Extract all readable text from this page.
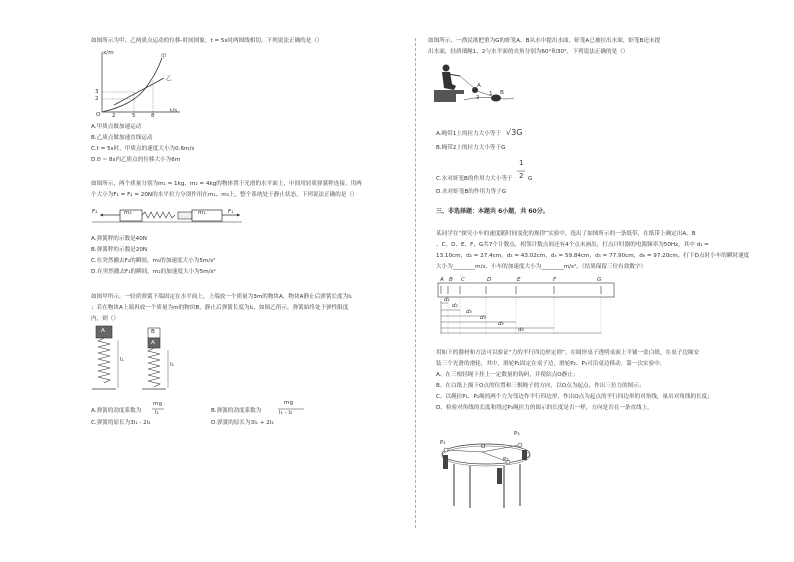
如图所示为甲、乙两质点运动的位移-时间图象，t = 5s时两图线相切，下列说法正确的是（）
x/m
t/s
甲
乙
3
2
O 2	5	8
A.甲质点做加速运动
B.乙质点做加速直线运动
C.t = 5s时，甲质点的速度大小为0.6m/s
D.0 ~ 8s内乙质点的位移大小为6m
如图所示，两个质量分别为m₁ = 1kg、m₂ = 4kg的物体置于光滑的水平面上，中间用轻质弹簧秤连接。用两
个大小为F₁ = F₂ = 20N的水平拉力分别作用在m₁、m₂上，整个系统处于静止状态，下列说法正确的是（）
F₂	m₂	m₁	F₁
A.弹簧秤的示数是40N
B.弹簧秤的示数是20N
C.在突然撤去F₂的瞬间，m₁的加速度大小为5m/s²
D.在突然撤去F₁的瞬间，m₂的加速度大小为5m/s²
如图甲所示，一轻质弹簧下端固定在水平面上，上端放一个质量为3m的物块A，物块A静止后弹簧长度为l₁
；若在物块A上端再放一个质量为m的物块B，静止后弹簧长度为l₂，如图乙所示。弹簧始终处于弹性限度
内，则（）
A	B
A
l₁
l₂
A.弹簧的劲度系数为
mg
l₁	B.弹簧的劲度系数为
mg
l₁ - l₂
C.弹簧的原长为3l₁ - 2l₂	D.弹簧的原长为3l₁ + 2l₂
如图所示，一渔民欲把重为G的虾笼A、B从水中提出水面，虾笼A已被拉出水面，虾笼B还未提
出水面，轻质细绳1、2与水平面的夹角分别为60°和30°，下列说法正确的是（）
A
1
2
B
A.绳带1上的拉力大小等于 √3G
B.绳带2上的拉力大小等于G
C.水对虾笼B的作用力大小等于
1
2 G
D.水对虾笼B的作用力等于G
三、非选择题：本题共 6小题，共 60分。
某同学在“探究小车的速度随时间变化的规律”实验中，选出了如图所示的一条纸带，在纸带上确定出A、B
、C、D、E、F、G共7个计数点，相邻计数点间还有4个点未画出，打点计时器的电源频率为50Hz，其中 d₁ =
13.10cm，d₂ = 27.4cm，d₃ = 43.02cm，d₄ = 59.84cm，d₅ = 77.90cm，d₆ = 97.20cm，打下D点时小车的瞬时速度
大小为________m/s，小车的加速度大小为________m/s²。（结果保留三位有效数字）
A B C	D	E	F	G
d₁
d₂
d₃
d₄
d₅
d₆
用如下的器材和方法可以验证“力的平行四边形定则”。在圆形桌子透明桌面上平铺一张白纸，在桌子边缘安
装三个光滑的滑轮，其中，滑轮P₁固定在桌子边，滑轮P₂、P₃可沿桌边移动。第一次实验中，
A、在三根轻绳下挂上一定数量的钩码，并使结点O静止；
B、在白纸上描下O点的位置和三根绳子的方向，以O点为起点，作出三拉力的图示；
C、以绳拉P₁、P₂绳的两个力为邻边作平行四边形，作出O点为起点的平行四边形的对角线，量出对角线的长度；
D、检验对角线的长度和绕过P₃绳拉力的图示的长度是否一样，方向是否在一条直线上。
P₁
P₂
P₃
O
